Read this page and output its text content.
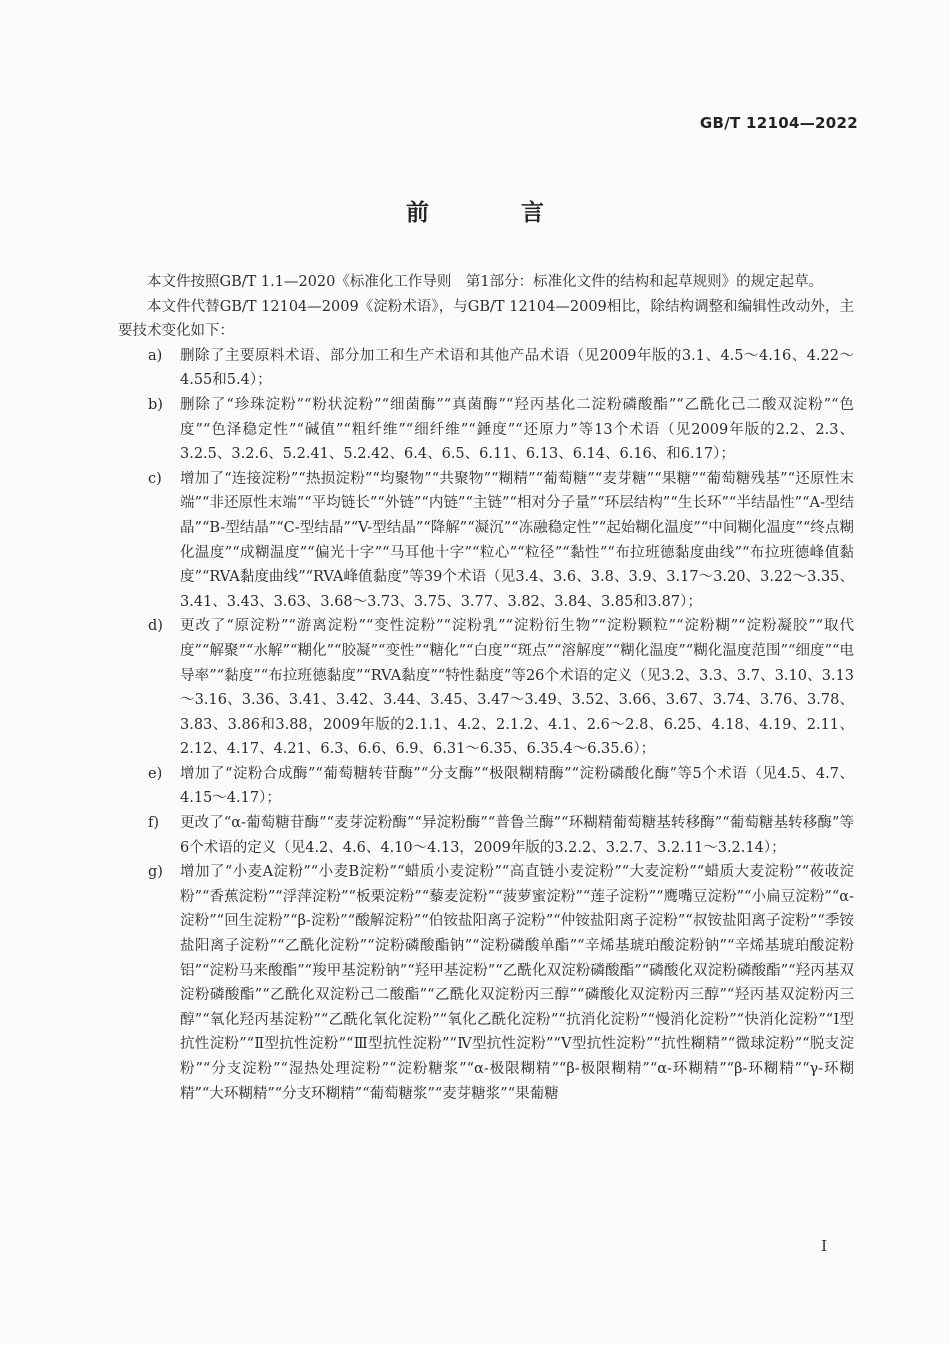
GB/T 12104—2022
前 言

本文件按照GB/T 1.1—2020《标准化工作导则　第1部分：标准化文件的结构和起草规则》的规定起草。

本文件代替GB/T 12104—2009《淀粉术语》，与GB/T 12104—2009相比，除结构调整和编辑性改动外，主要技术变化如下：

a) 删除了主要原料术语、部分加工和生产术语和其他产品术语（见2009年版的3.1、4.5～4.16、4.22～4.55和5.4）；
b) 删除了“珍珠淀粉”“粉状淀粉”“细菌酶”“真菌酶”“羟丙基化二淀粉磷酸酯”“乙酰化己二酸双淀粉”“色度”“色泽稳定性”“碱值”“粗纤维”“细纤维”“錘度”“还原力”等13个术语（见2009年版的2.2、2.3、3.2.5、3.2.6、5.2.41、5.2.42、6.4、6.5、6.11、6.13、6.14、6.16、和6.17）；
c) 增加了“连接淀粉”“热损淀粉”“均聚物”“共聚物”“糊精”“葡萄糖”“麦芽糖”“果糖”“葡萄糖残基”“还原性末端”“非还原性末端”“平均链长”“外链”“内链”“主链”“相对分子量”“环层结构”“生长环”“半结晶性”“A-型结晶”“B-型结晶”“C-型结晶”“V-型结晶”“降解”“凝沉”“冻融稳定性”“起始糊化温度”“中间糊化温度”“终点糊化温度”“成糊温度”“偏光十字”“马耳他十字”“粒心”“粒径”“黏性”“布拉班德黏度曲线”“布拉班德峰值黏度”“RVA黏度曲线”“RVA峰值黏度”等39个术语（见3.4、3.6、3.8、3.9、3.17～3.20、3.22～3.35、3.41、3.43、3.63、3.68～3.73、3.75、3.77、3.82、3.84、3.85和3.87）；
d) 更改了“原淀粉”“游离淀粉”“变性淀粉”“淀粉乳”“淀粉衍生物”“淀粉颗粒”“淀粉糊”“淀粉凝胶”“取代度”“解聚”“水解”“糊化”“胶凝”“变性”“糖化”“白度”“斑点”“溶解度”“糊化温度”“糊化温度范围”“细度”“电导率”“黏度”“布拉班德黏度”“RVA黏度”“特性黏度”等26个术语的定义（见3.2、3.3、3.7、3.10、3.13～3.16、3.36、3.41、3.42、3.44、3.45、3.47～3.49、3.52、3.66、3.67、3.74、3.76、3.78、3.83、3.86和3.88，2009年版的2.1.1、4.2、2.1.2、4.1、2.6～2.8、6.25、4.18、4.19、2.11、2.12、4.17、4.21、6.3、6.6、6.9、6.31～6.35、6.35.4～6.35.6）；
e) 增加了“淀粉合成酶”“葡萄糖转苷酶”“分支酶”“极限糊精酶”“淀粉磷酸化酶”等5个术语（见4.5、4.7、4.15～4.17）；
f) 更改了“α-葡萄糖苷酶”“麦芽淀粉酶”“异淀粉酶”“普鲁兰酶”“环糊精葡萄糖基转移酶”“葡萄糖基转移酶”等6个术语的定义（见4.2、4.6、4.10～4.13，2009年版的3.2.2、3.2.7、3.2.11～3.2.14）；
g) 增加了“小麦A淀粉”“小麦B淀粉”“蜡质小麦淀粉”“高直链小麦淀粉”“大麦淀粉”“蜡质大麦淀粉”“莜荍淀粉”“香蕉淀粉”“浮萍淀粉”“板栗淀粉”“藜麦淀粉”“菠萝蜜淀粉”“莲子淀粉”“鹰嘴豆淀粉”“小扁豆淀粉”“α-淀粉”“回生淀粉”“β-淀粉”“酸解淀粉”“伯铵盐阳离子淀粉”“仲铵盐阳离子淀粉”“叔铵盐阳离子淀粉”“季铵盐阳离子淀粉”“乙酰化淀粉”“淀粉磷酸酯钠”“淀粉磷酸单酯”“辛烯基琥珀酸淀粉钠”“辛烯基琥珀酸淀粉铝”“淀粉马来酸酯”“羧甲基淀粉钠”“羟甲基淀粉”“乙酰化双淀粉磷酸酯”“磷酸化双淀粉磷酸酯”“羟丙基双淀粉磷酸酯”“乙酰化双淀粉己二酸酯”“乙酰化双淀粉丙三醇”“磷酸化双淀粉丙三醇”“羟丙基双淀粉丙三醇”“氧化羟丙基淀粉”“乙酰化氧化淀粉”“氧化乙酰化淀粉”“抗消化淀粉”“慢消化淀粉”“快消化淀粉”“Ⅰ型抗性淀粉”“Ⅱ型抗性淀粉”“Ⅲ型抗性淀粉”“Ⅳ型抗性淀粉”“Ⅴ型抗性淀粉”“抗性糊精”“微球淀粉”“脱支淀粉”“分支淀粉”“湿热处理淀粉”“淀粉糖浆”“α-极限糊精”“β-极限糊精”“α-环糊精”“β-环糊精”“γ-环糊精”“大环糊精”“分支环糊精”“葡萄糖浆”“麦芽糖浆”“果葡糖
I
